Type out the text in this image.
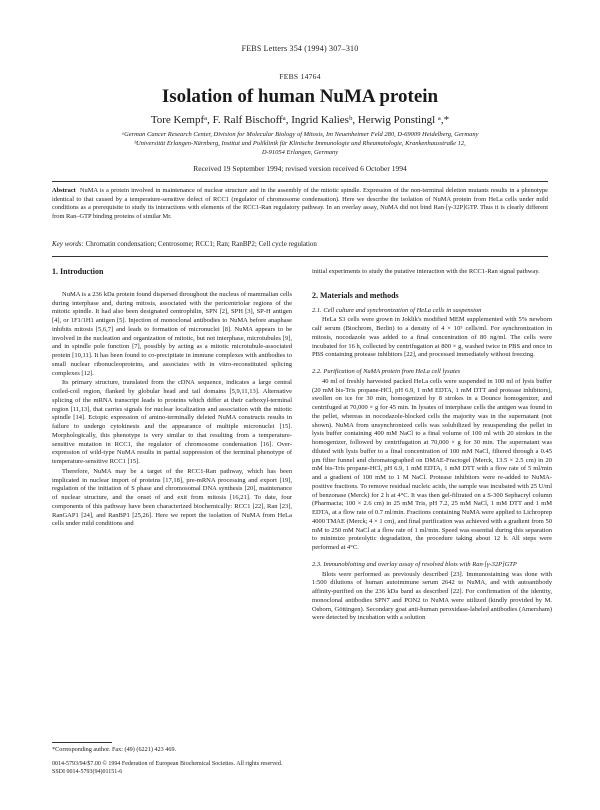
FEBS Letters 354 (1994) 307–310
FEBS 14764
Isolation of human NuMA protein
Tore Kempfᵃ, F. Ralf Bischoffᵃ, Ingrid Kaliesᵇ, Herwig Ponstingl ᵃ,*
ᵃGerman Cancer Research Center, Division for Molecular Biology of Mitosis, Im Neuenheimer Feld 280, D-69009 Heidelberg, Germany
ᵇUniversität Erlangen-Nürnberg, Institut und Poliklinik für Klinische Immunologie und Rheumatologie, Krankenhausstraße 12,
D-91054 Erlangen, Germany
Received 19 September 1994; revised version received 6 October 1994
Abstract NuMA is a protein involved in maintenance of nuclear structure and in the assembly of the mitotic spindle. Expression of the non-terminal deletion mutants results in a phenotype identical to that caused by a temperature-sensitive defect of RCC1 (regulator of chromosome condensation). Here we describe the isolation of NuMA protein from HeLa cells under mild conditions as a prerequisite to study its interactions with elements of the RCC1-Ran regulatory pathway. In an overlay assay, NuMA did not bind Ran·[γ-32P]GTP. Thus it is clearly different from Ran–GTP binding proteins of similar Mr.
Key words: Chromatin condensation; Centrosome; RCC1; Ran; RanBP2; Cell cycle regulation
1. Introduction

NuMA is a 236 kDa protein found dispersed throughout the nucleus of mammalian cells during interphase and, during mitosis, associated with the pericentriolar regions of the mitotic spindle. It had also been designated centrophilin, SPN [2], SPH [3], SP-H antigen [4], or 1F1/1H1 antigen [5]. Injection of monoclonal antibodies to NuMA before anaphase inhibits mitosis [5,6,7] and leads to formation of micronuclei [8]. NuMA appears to be involved in the nucleation and organization of mitotic, but not interphase, microtubules [9], and in spindle pole function [7], possibly by acting as a mitotic microtubule-associated protein [10,11]. It has been found to co-precipitate in immune complexes with antibodies to small nuclear ribonucleoproteins, and associates with in vitro-reconstituted splicing complexes [12].

Its primary structure, translated from the cDNA sequence, indicates a large central coiled-coil region, flanked by globular head and tail domains [5,9,11,13]. Alternative splicing of the mRNA transcript leads to proteins which differ at their carboxyl-terminal region [11,13], that carries signals for nuclear localization and association with the mitotic spindle [14]. Ectopic expression of amino-terminally deleted NuMA constructs results in failure to undergo cytokinesis and the appearance of multiple micronuclei [15]. Morphologically, this phenotype is very similar to that resulting from a temperature-sensitive mutation in RCC1, the regulator of chromosome condensation [16]. Over-expression of wild-type NuMA results in partial suppression of the terminal phenotype of temperature-sensitive RCC1 [15].

Therefore, NuMA may be a target of the RCC1-Ran pathway, which has been implicated in nuclear import of proteins [17,18], pre-mRNA processing and export [19], regulation of the initiation of S phase and chromosomal DNA synthesis [20], maintenance of nuclear structure, and the onset of and exit from mitosis [16,21]. To date, four components of this pathway have been characterized biochemically: RCC1 [22], Ran [23], RanGAP1 [24], and RanBP1 [25,26]. Here we report the isolation of NuMA from HeLa cells under mild conditions and

initial experiments to study the putative interaction with the RCC1-Ran signal pathway.

2. Materials and methods
2.1. Cell culture and synchronization of HeLa cells in suspension

HeLa S3 cells were grown in Joklik's modified MEM supplemented with 5% newborn calf serum (Biochrom, Berlin) to a density of 4 × 10⁵ cells/ml. For synchronization in mitosis, nocodazole was added to a final concentration of 80 ng/ml. The cells were incubated for 16 h, collected by centrifugation at 800 × g, washed twice in PBS and once in PBS containing protease inhibitors [22], and processed immediately without freezing.

2.2. Purification of NuMA protein from HeLa cell lysates

40 ml of freshly harvested packed HeLa cells were suspended in 100 ml of lysis buffer (20 mM bis-Tris propane-HCl, pH 6.9, 1 mM EDTA, 1 mM DTT and protease inhibitors), swollen on ice for 30 min, homogenized by 8 strokes in a Dounce homogenizer, and centrifuged at 70,000 × g for 45 min. In lysates of interphase cells the antigen was found in the pellet, whereas in nocodazole-blocked cells the majority was in the supernatant (not shown). NuMA from unsynchronized cells was solubilized by resuspending the pellet in lysis buffer containing 400 mM NaCl to a final volume of 100 ml with 20 strokes in the homogenizer, followed by centrifugation at 70,000 × g for 30 min. The supernatant was diluted with lysis buffer to a final concentration of 100 mM NaCl, filtered through a 0.45 μm filter funnel and chromatographed on DMAE-Fractogel (Merck, 13.5 × 2.5 cm) in 20 mM bis-Tris propane-HCl, pH 6.9, 1 mM EDTA, 1 mM DTT with a flow rate of 5 ml/min and a gradient of 100 mM to 1 M NaCl. Protease inhibitors were re-added to NuMA-positive fractions. To remove residual nucleic acids, the sample was incubated with 25 U/ml of benzonase (Merck) for 2 h at 4°C. It was then gel-filtrated on a S-300 Sephacryl column (Pharmacia; 100 × 2.6 cm) in 25 mM Tris, pH 7.2, 25 mM NaCl, 1 mM DTT and 1 mM EDTA, at a flow rate of 0.7 ml/min. Fractions containing NuMA were applied to Lichroprep 4000 TMAE (Merck; 4 × 1 cm), and final purification was achieved with a gradient from 50 mM to 250 mM NaCl at a flow rate of 1 ml/min. Speed was essential during this separation to minimize proteolytic degradation, the procedure taking about 12 h. All steps were performed at 4°C.

2.3. Immunoblotting and overlay assay of resolved blots with Ran·[γ-32P]GTP

Blots were performed as previously described [23]. Immunostaining was done with 1:500 dilutions of human autoimmune serum 2642 to NuMA, and with autoantibody affinity-purified on the 236 kDa band as described [22]. For confirmation of the identity, monoclonal antibodies SPN7 and PON2 to NuMA were utilized (kindly provided by M. Osborn, Göttingen). Secondary goat anti-human peroxidase-labeled antibodies (Amersham) were detected by incubation with a solution

*Corresponding author. Fax: (49) (6221) 423 469.
0014-5793/94/$7.00 © 1994 Federation of European Biochemical Societies. All rights reserved.
SSDI 0014-5793(94)01151-6
